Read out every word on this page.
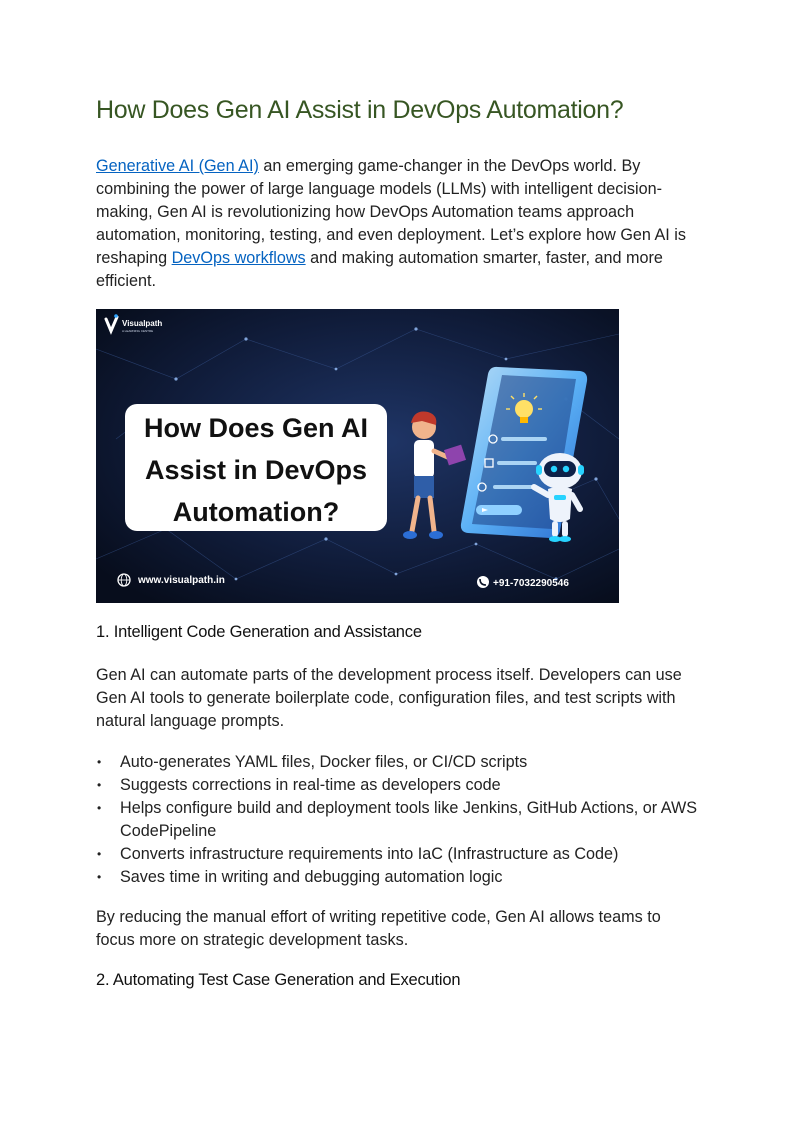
How Does Gen AI Assist in DevOps Automation?

Generative AI (Gen AI) an emerging game-changer in the DevOps world. By combining the power of large language models (LLMs) with intelligent decision-making, Gen AI is revolutionizing how DevOps Automation teams approach automation, monitoring, testing, and even deployment. Let’s explore how Gen AI is reshaping DevOps workflows and making automation smarter, faster, and more efficient.

Visualpath
A LEARNING CENTRE
How Does Gen AI
Assist in DevOps
Automation?
www.visualpath.in	+91-7032290546
1. Intelligent Code Generation and Assistance

Gen AI can automate parts of the development process itself. Developers can use Gen AI tools to generate boilerplate code, configuration files, and test scripts with natural language prompts.

• Auto-generates YAML files, Docker files, or CI/CD scripts
• Suggests corrections in real-time as developers code
• Helps configure build and deployment tools like Jenkins, GitHub Actions, or AWS CodePipeline
• Converts infrastructure requirements into IaC (Infrastructure as Code)
• Saves time in writing and debugging automation logic

By reducing the manual effort of writing repetitive code, Gen AI allows teams to focus more on strategic development tasks.

2. Automating Test Case Generation and Execution
